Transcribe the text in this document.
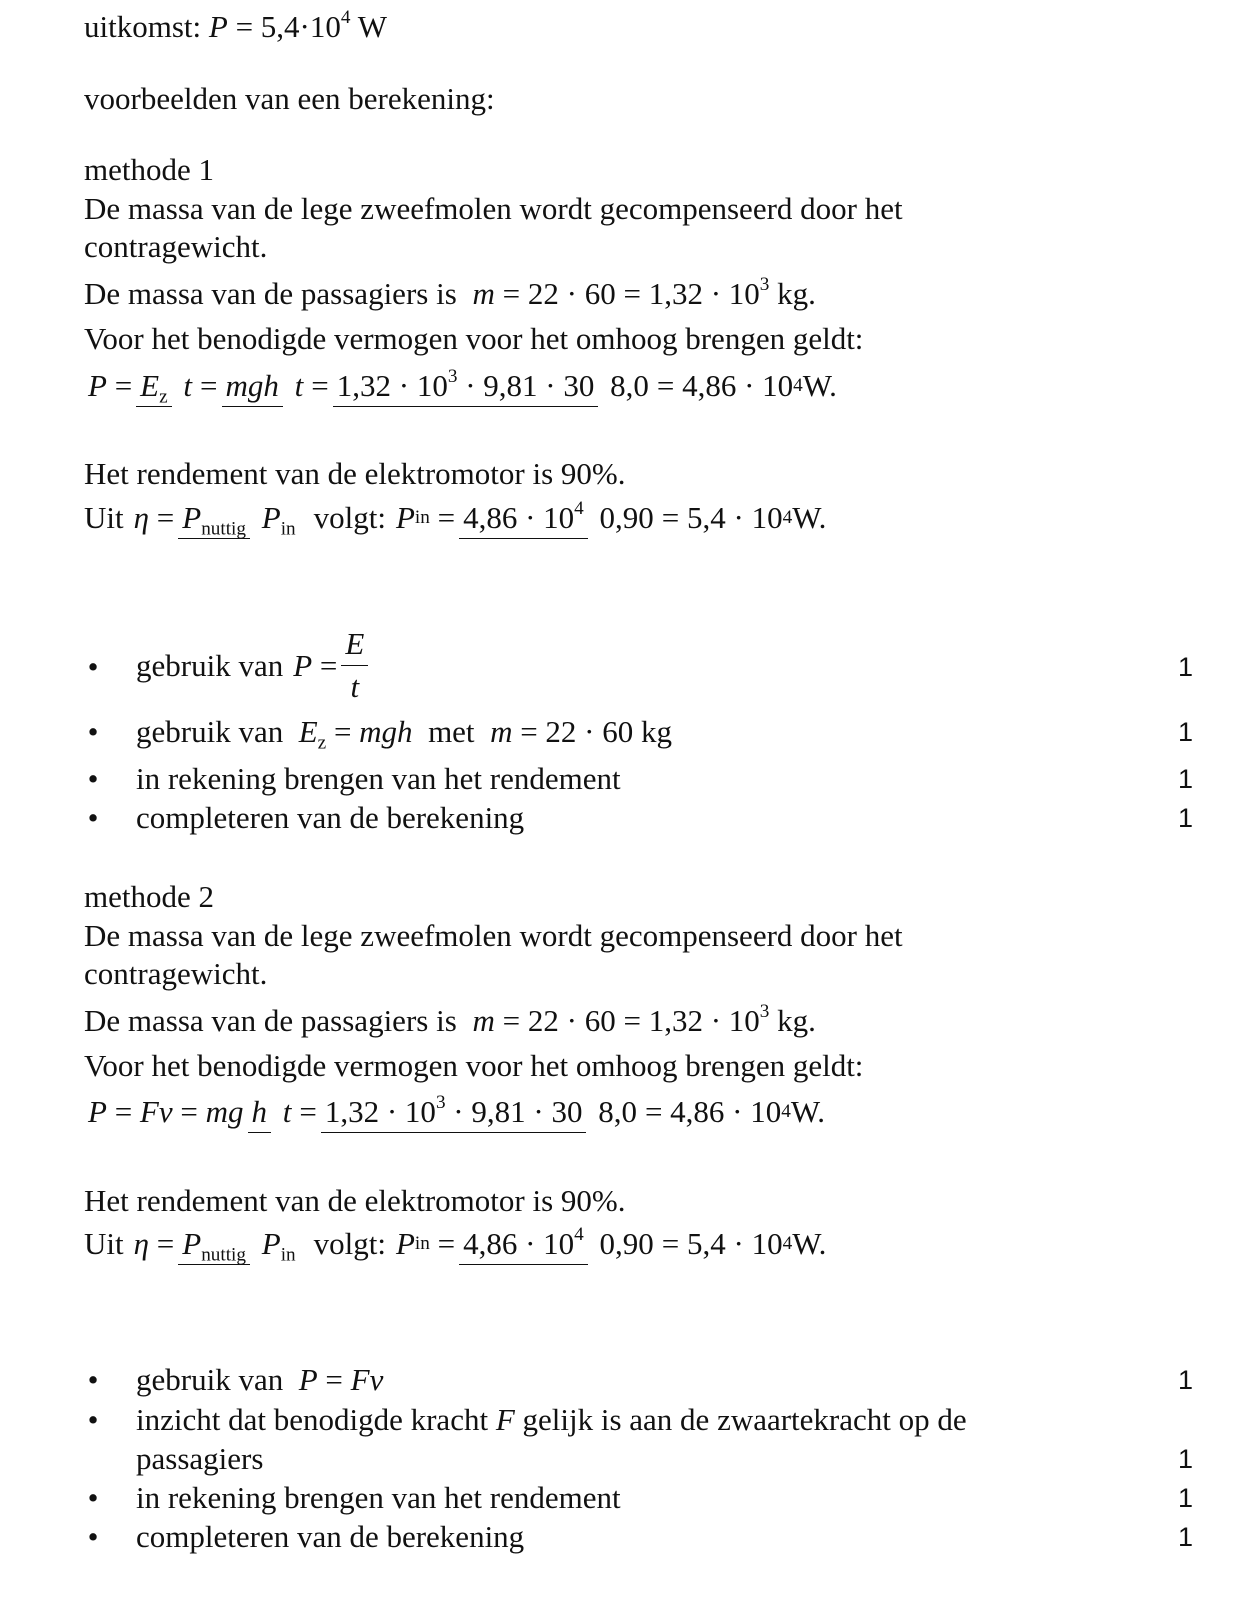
uitkomst: $P = 5,4\cdot 10^4$ W
voorbeelden van een berekening:
methode 1
De massa van de lege zweefmolen wordt gecompenseerd door het
contragewicht.
De massa van de passagiers is $m = 22 \cdot 60 = 1,32 \cdot 10^3$ kg.
Voor het benodigde vermogen voor het omhoog brengen geldt:
$P = E_z$ t = mgh $t = 1,32 \cdot 10^3 \cdot 9,81 \cdot 30$ 8,0 = 4,86 · 10 4 W.
Het rendement van de elektromotor is 90%.
Uit $\eta = P_{nuttig}$ $P_{in}$ volgt: P in = $4,86 \cdot 10^4$ 0,90 = 5,4 · 10 4 W.
• gebruik van $P = \frac{E}{t}$	1
• gebruik van $E_z$ = mgh met m = 22 · 60 kg	1
• in rekening brengen van het rendement	1
• completeren van de berekening	1
methode 2
De massa van de lege zweefmolen wordt gecompenseerd door het
contragewicht.
De massa van de passagiers is $m = 22 \cdot 60 = 1,32 \cdot 10^3$ kg.
Voor het benodigde vermogen voor het omhoog brengen geldt:
P = Fv = mg h $t = 1,32 \cdot 10^3 \cdot 9,81 \cdot 30$ 8,0 = 4,86 · 10 4 W.
Het rendement van de elektromotor is 90%.
Uit $\eta = P_{nuttig}$ $P_{in}$ volgt: P in = $4,86 \cdot 10^4$ 0,90 = 5,4 · 10 4 W.
• gebruik van P = Fv	1
• inzicht dat benodigde kracht F gelijk is aan de zwaartekracht op de
passagiers	1
• in rekening brengen van het rendement	1
• completeren van de berekening	1
